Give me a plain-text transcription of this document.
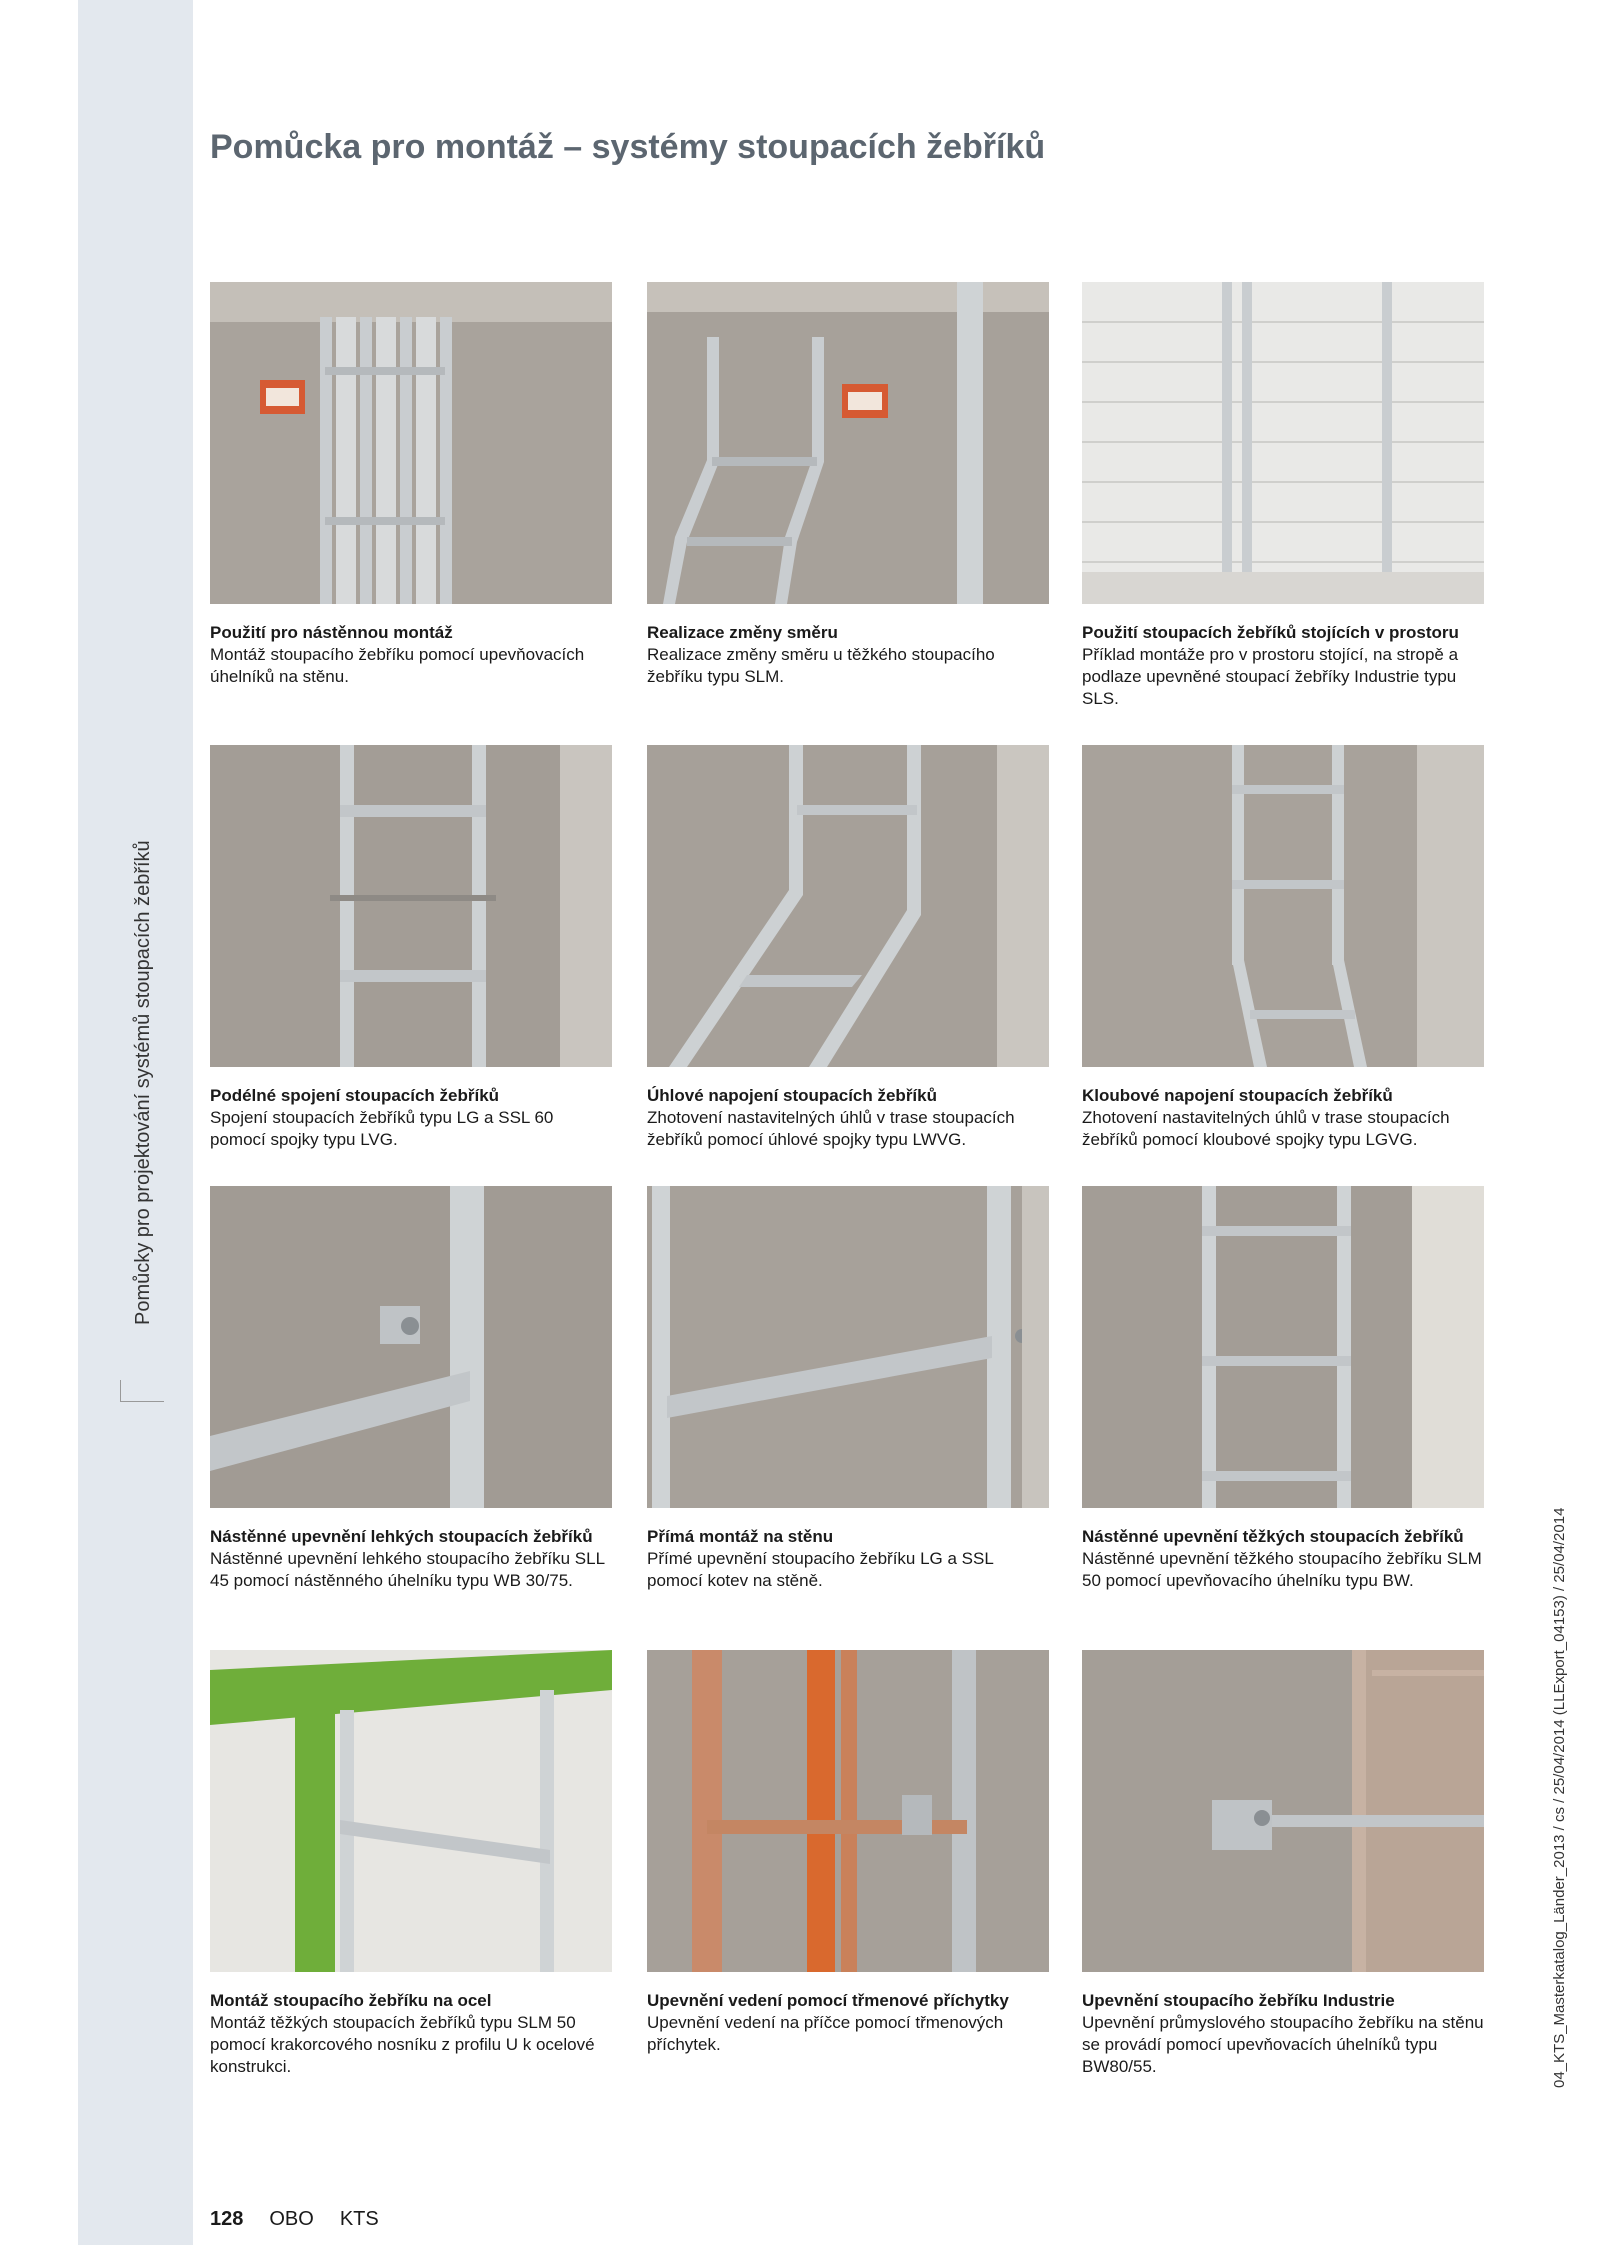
Pomůcky pro projektování systémů stoupacích žebříků
Pomůcka pro montáž – systémy stoupacích žebříků
Použití pro nástěnnou montáž
Montáž stoupacího žebříku pomocí upevňovacích úhelníků na stěnu.
Realizace změny směru
Realizace změny směru u těžkého stoupacího žebříku typu SLM.
Použití stoupacích žebříků stojících v prostoru
Příklad montáže pro v prostoru stojící, na stropě a podlaze upevněné stoupací žebříky Industrie typu SLS.
Podélné spojení stoupacích žebříků
Spojení stoupacích žebříků typu LG a SSL 60 pomocí spojky typu LVG.
Úhlové napojení stoupacích žebříků
Zhotovení nastavitelných úhlů v trase stoupacích žebříků pomocí úhlové spojky typu LWVG.
Kloubové napojení stoupacích žebříků
Zhotovení nastavitelných úhlů v trase stoupacích žebříků pomocí kloubové spojky typu LGVG.
Nástěnné upevnění lehkých stoupacích žebříků
Nástěnné upevnění lehkého stoupacího žebříku SLL 45 pomocí nástěnného úhelníku typu WB 30/75.
Přímá montáž na stěnu
Přímé upevnění stoupacího žebříku LG a SSL pomocí kotev na stěně.
Nástěnné upevnění těžkých stoupacích žebříků
Nástěnné upevnění těžkého stoupacího žebříku SLM 50 pomocí upevňovacího úhelníku typu BW.
Montáž stoupacího žebříku na ocel
Montáž těžkých stoupacích žebříků typu SLM 50 pomocí krakorcového nosníku z profilu U k ocelové konstrukci.
Upevnění vedení pomocí třmenové příchytky
Upevnění vedení na příčce pomocí třmenových příchytek.
Upevnění stoupacího žebříku Industrie
Upevnění průmyslového stoupacího žebříku na stěnu se provádí pomocí upevňovacích úhelníků typu BW80/55.	04_KTS_Masterkatalog_Länder_2013 / cs / 25/04/2014 (LLExport_04153) / 25/04/2014
128 OBO KTS
